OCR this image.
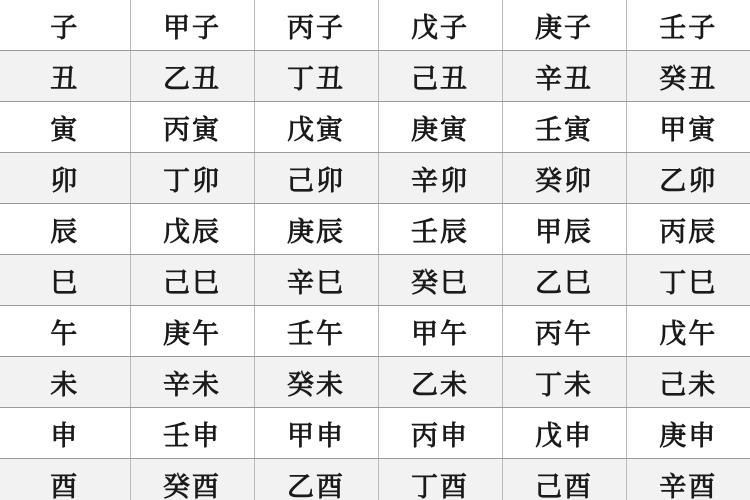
子	甲子	丙子	戊子	庚子	壬子
丑	乙丑	丁丑	己丑	辛丑	癸丑
寅	丙寅	戊寅	庚寅	壬寅	甲寅
卯	丁卯	己卯	辛卯	癸卯	乙卯
辰	戊辰	庚辰	壬辰	甲辰	丙辰
巳	己巳	辛巳	癸巳	乙巳	丁巳
午	庚午	壬午	甲午	丙午	戊午
未	辛未	癸未	乙未	丁未	己未
申	壬申	甲申	丙申	戊申	庚申
酉	癸酉	乙酉	丁酉	己酉	辛酉
